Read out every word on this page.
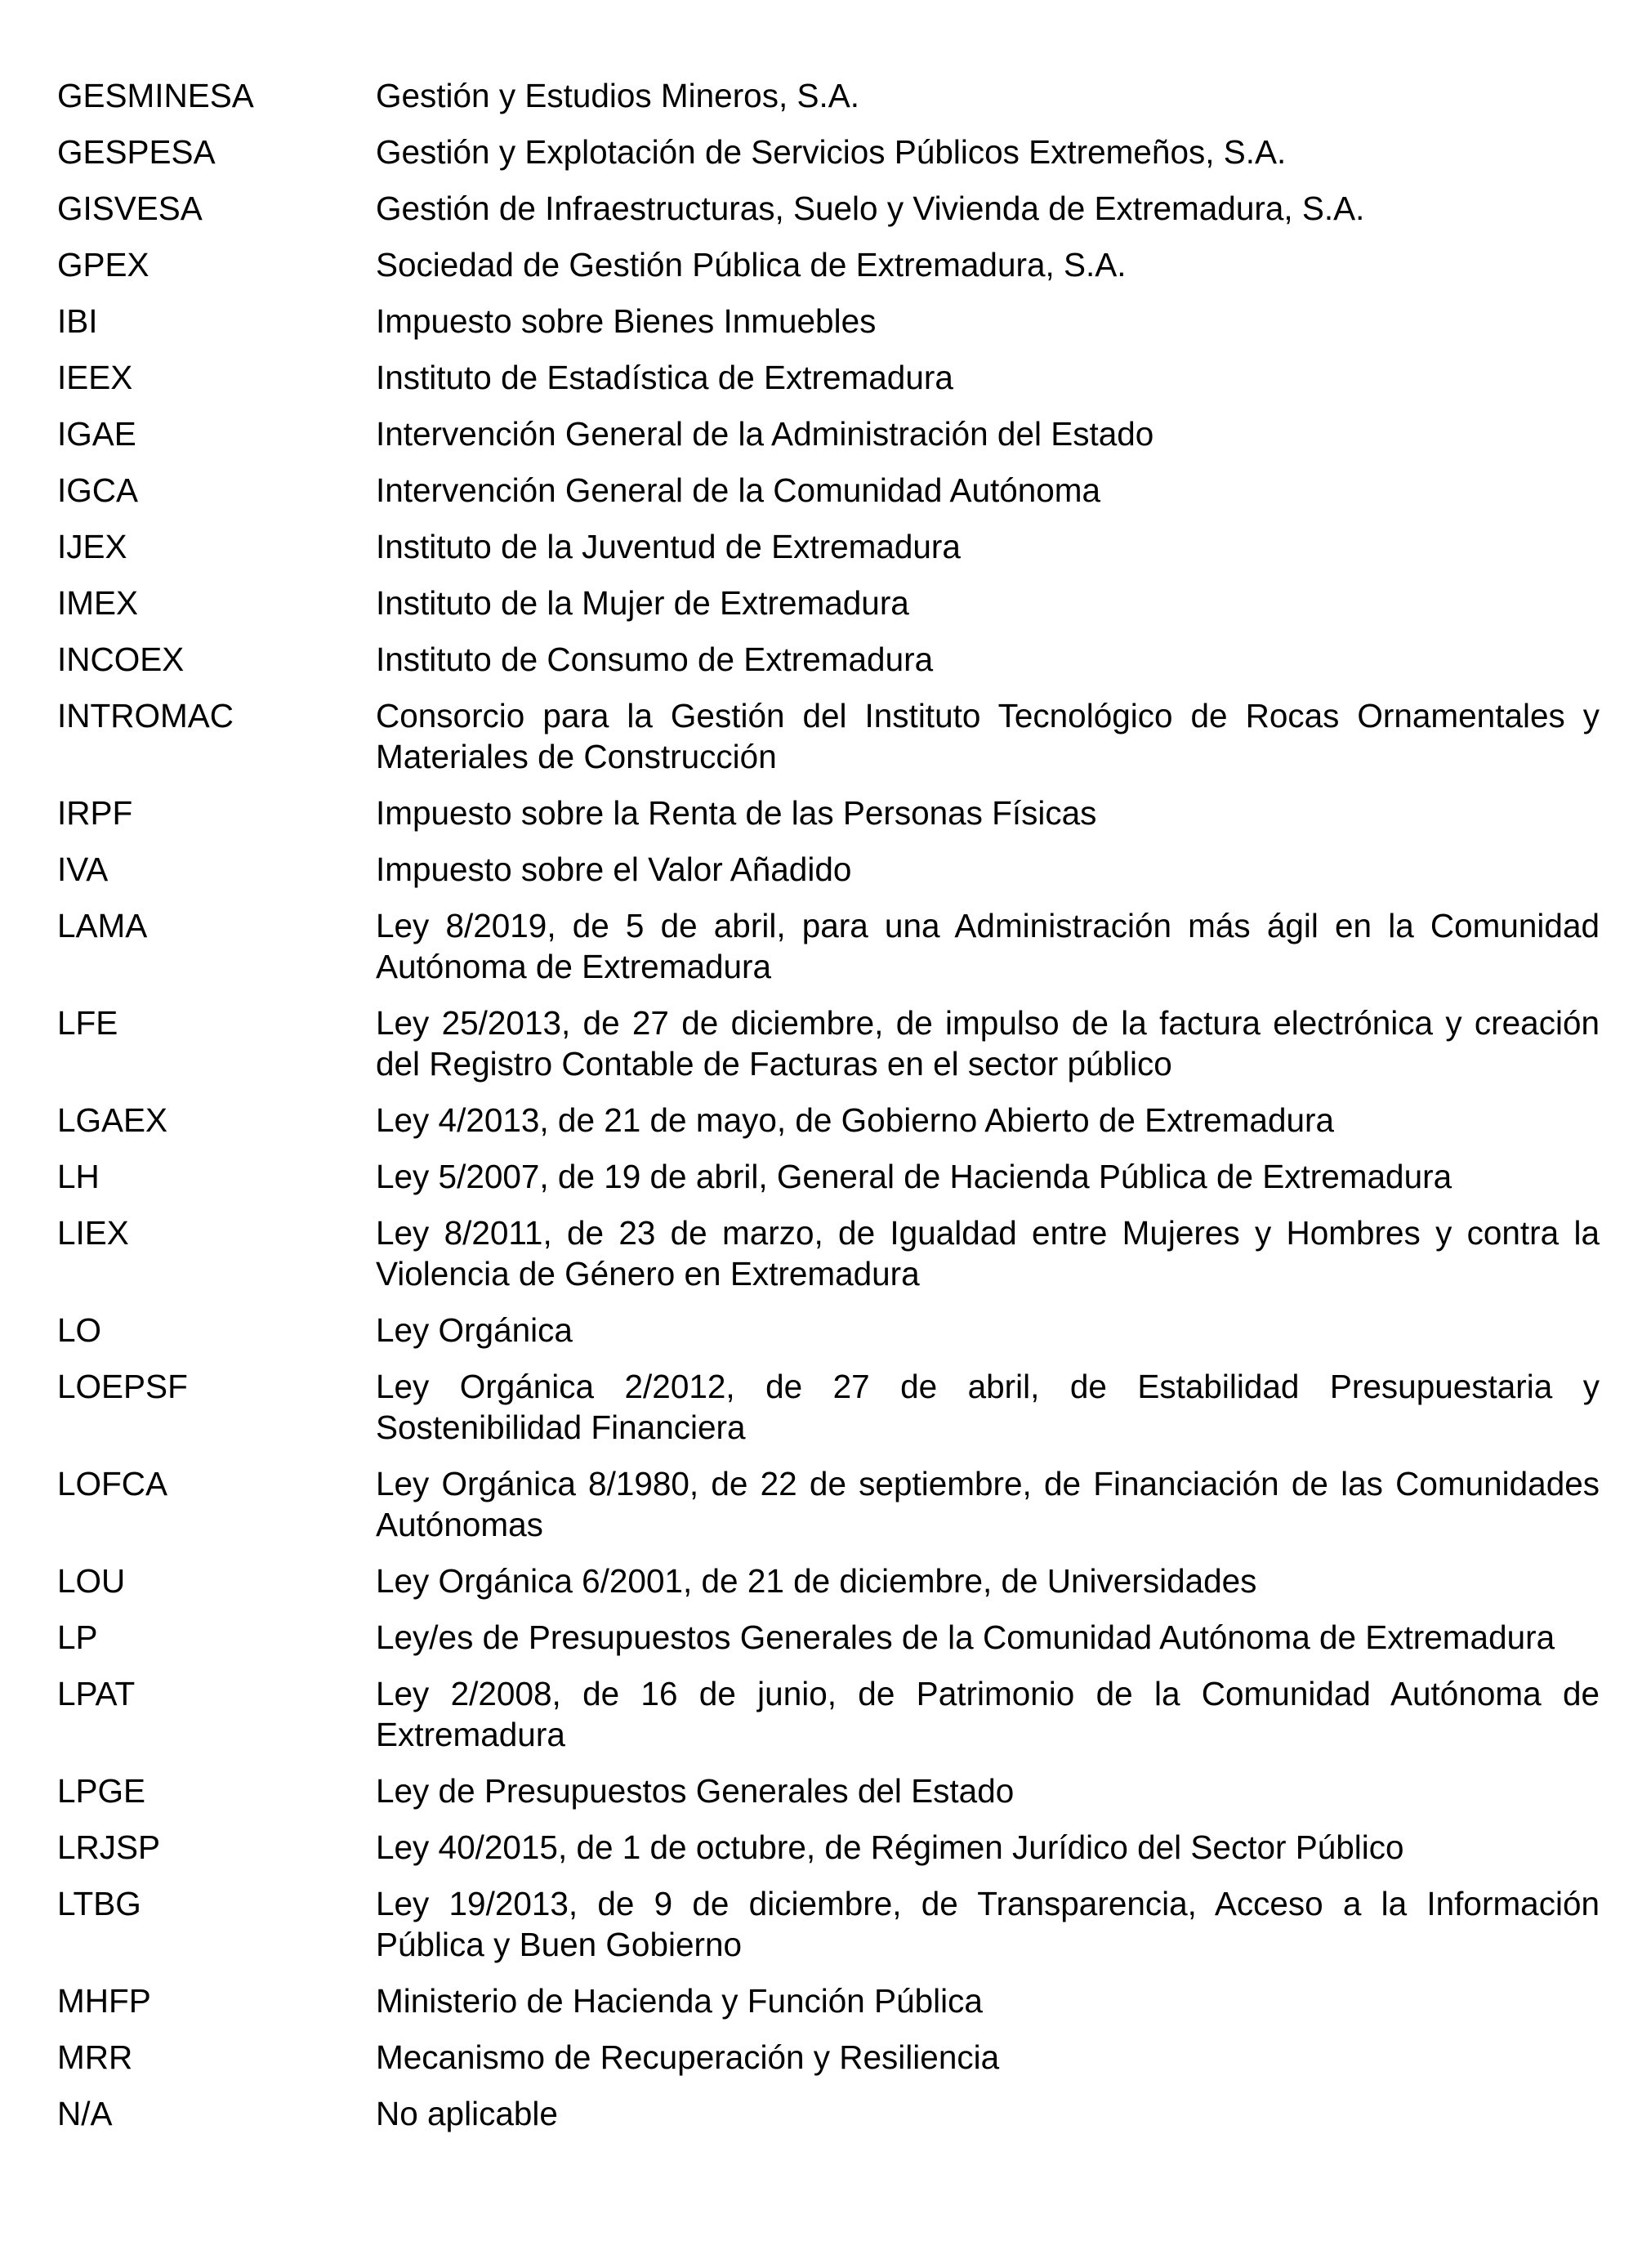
GESMINESA	Gestión y Estudios Mineros, S.A.
GESPESA	Gestión y Explotación de Servicios Públicos Extremeños, S.A.
GISVESA	Gestión de Infraestructuras, Suelo y Vivienda de Extremadura, S.A.
GPEX	Sociedad de Gestión Pública de Extremadura, S.A.
IBI	Impuesto sobre Bienes Inmuebles
IEEX	Instituto de Estadística de Extremadura
IGAE	Intervención General de la Administración del Estado
IGCA	Intervención General de la Comunidad Autónoma
IJEX	Instituto de la Juventud de Extremadura
IMEX	Instituto de la Mujer de Extremadura
INCOEX	Instituto de Consumo de Extremadura
INTROMAC	Consorcio para la Gestión del Instituto Tecnológico de Rocas Ornamentales y Materiales de Construcción
IRPF	Impuesto sobre la Renta de las Personas Físicas
IVA	Impuesto sobre el Valor Añadido
LAMA	Ley 8/2019, de 5 de abril, para una Administración más ágil en la Comunidad Autónoma de Extremadura
LFE	Ley 25/2013, de 27 de diciembre, de impulso de la factura electrónica y creación del Registro Contable de Facturas en el sector público
LGAEX	Ley 4/2013, de 21 de mayo, de Gobierno Abierto de Extremadura
LH	Ley 5/2007, de 19 de abril, General de Hacienda Pública de Extremadura
LIEX	Ley 8/2011, de 23 de marzo, de Igualdad entre Mujeres y Hombres y contra la Violencia de Género en Extremadura
LO	Ley Orgánica
LOEPSF	Ley Orgánica 2/2012, de 27 de abril, de Estabilidad Presupuestaria y Sostenibilidad Financiera
LOFCA	Ley Orgánica 8/1980, de 22 de septiembre, de Financiación de las Comunidades Autónomas
LOU	Ley Orgánica 6/2001, de 21 de diciembre, de Universidades
LP	Ley/es de Presupuestos Generales de la Comunidad Autónoma de Extremadura
LPAT	Ley 2/2008, de 16 de junio, de Patrimonio de la Comunidad Autónoma de Extremadura
LPGE	Ley de Presupuestos Generales del Estado
LRJSP	Ley 40/2015, de 1 de octubre, de Régimen Jurídico del Sector Público
LTBG	Ley 19/2013, de 9 de diciembre, de Transparencia, Acceso a la Información Pública y Buen Gobierno
MHFP	Ministerio de Hacienda y Función Pública
MRR	Mecanismo de Recuperación y Resiliencia
N/A	No aplicable
